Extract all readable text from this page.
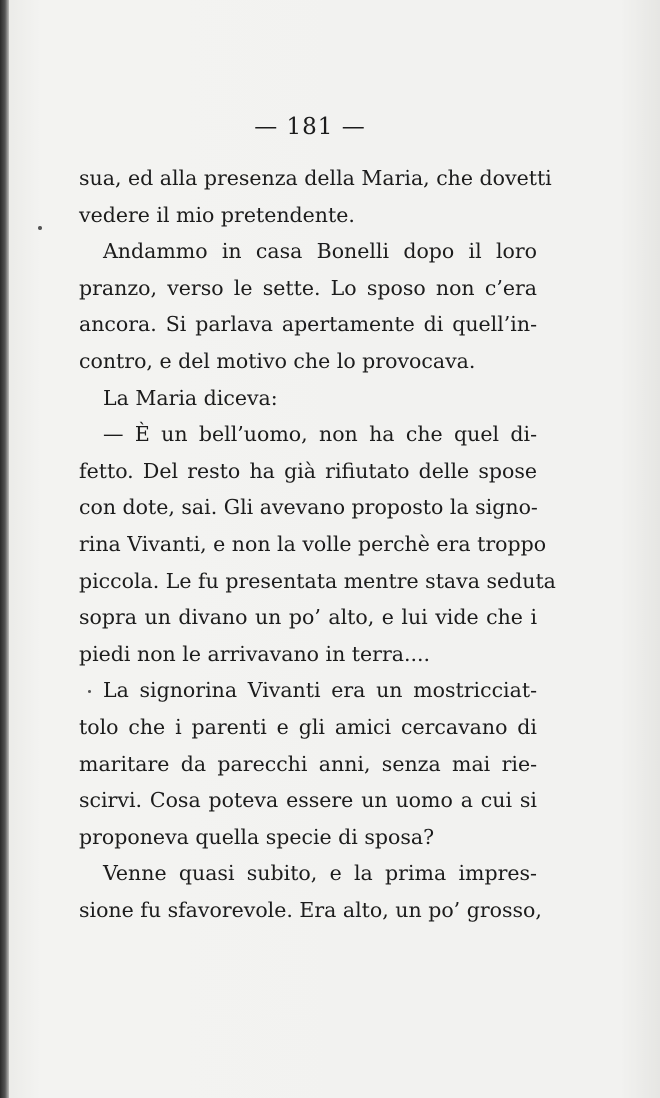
— 181 —
sua, ed alla presenza della Maria, che dovetti
vedere il mio pretendente.
Andammo in casa Bonelli dopo il loro
pranzo, verso le sette. Lo sposo non c’era
ancora. Si parlava apertamente di quell’in-
contro, e del motivo che lo provocava.
La Maria diceva:
— È un bell’uomo, non ha che quel di-
fetto. Del resto ha già rifiutato delle spose
con dote, sai. Gli avevano proposto la signo-
rina Vivanti, e non la volle perchè era troppo
piccola. Le fu presentata mentre stava seduta
sopra un divano un po’ alto, e lui vide che i
piedi non le arrivavano in terra....
La signorina Vivanti era un mostricciat-
tolo che i parenti e gli amici cercavano di
maritare da parecchi anni, senza mai rie-
scirvi. Cosa poteva essere un uomo a cui si
proponeva quella specie di sposa?
Venne quasi subito, e la prima impres-
sione fu sfavorevole. Era alto, un po’ grosso,
